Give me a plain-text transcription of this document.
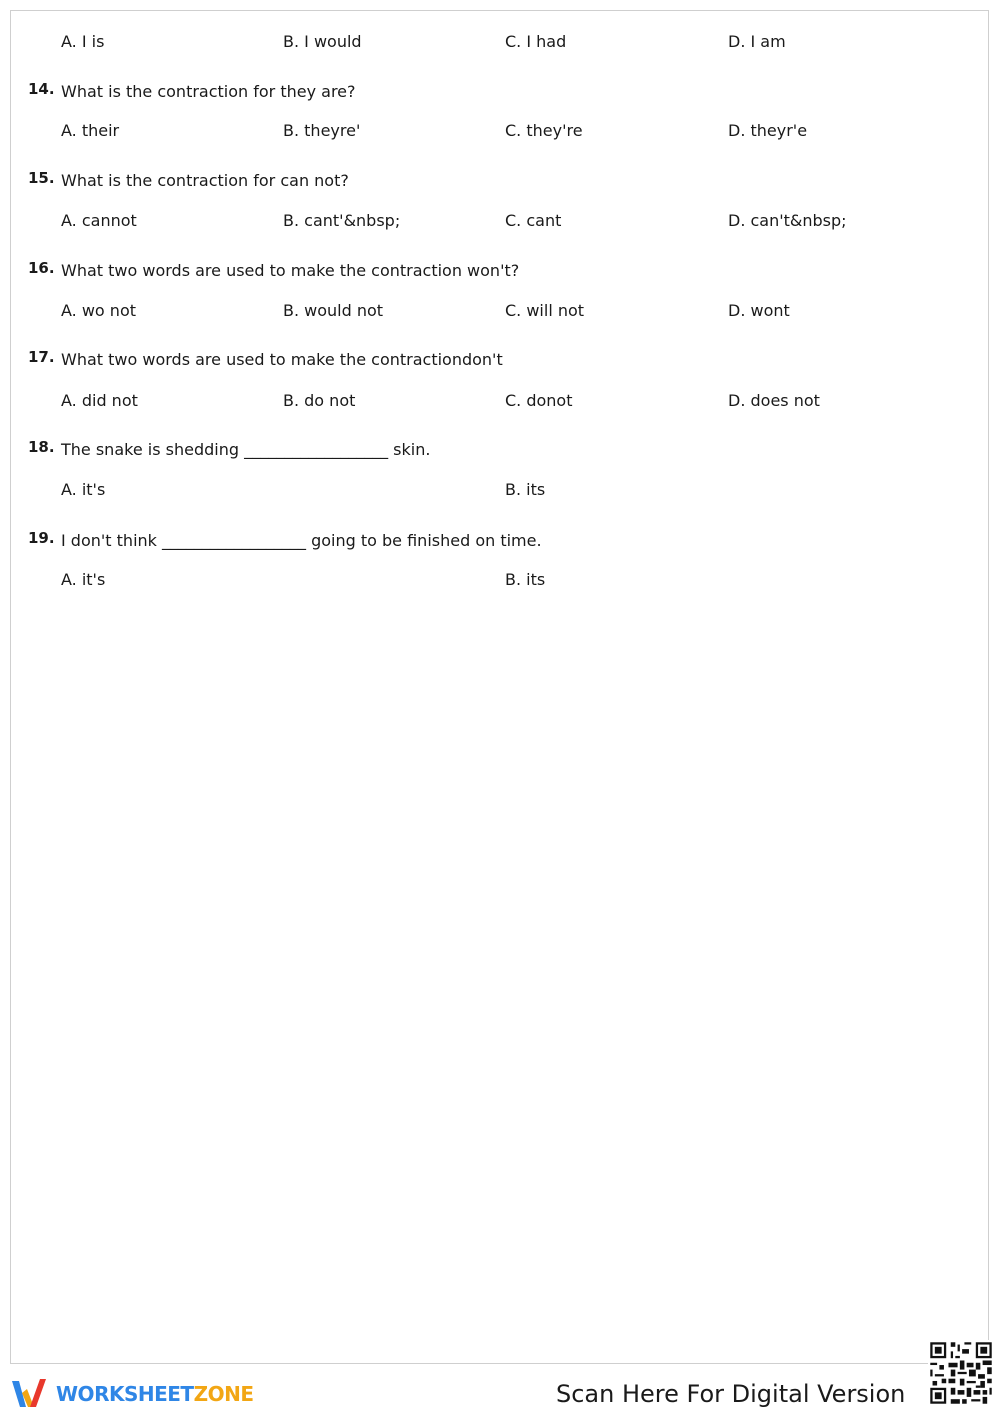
A. I is	B. I would	C. I had	D. I am
14. What is the contraction for they are?
A. their	B. theyre'	C. they're	D. theyr'e
15. What is the contraction for can not?
A. cannot	B. cant'&nbsp;	C. cant	D. can't&nbsp;
16. What two words are used to make the contraction won't?
A. wo not	B. would not	C. will not	D. wont
17. What two words are used to make the contractiondon't
A. did not	B. do not	C. donot	D. does not
18. The snake is shedding __________________ skin.
A. it's	B. its
19. I don't think __________________ going to be finished on time.
A. it's	B. its
WORKSHEETZONE	Scan Here For Digital Version
